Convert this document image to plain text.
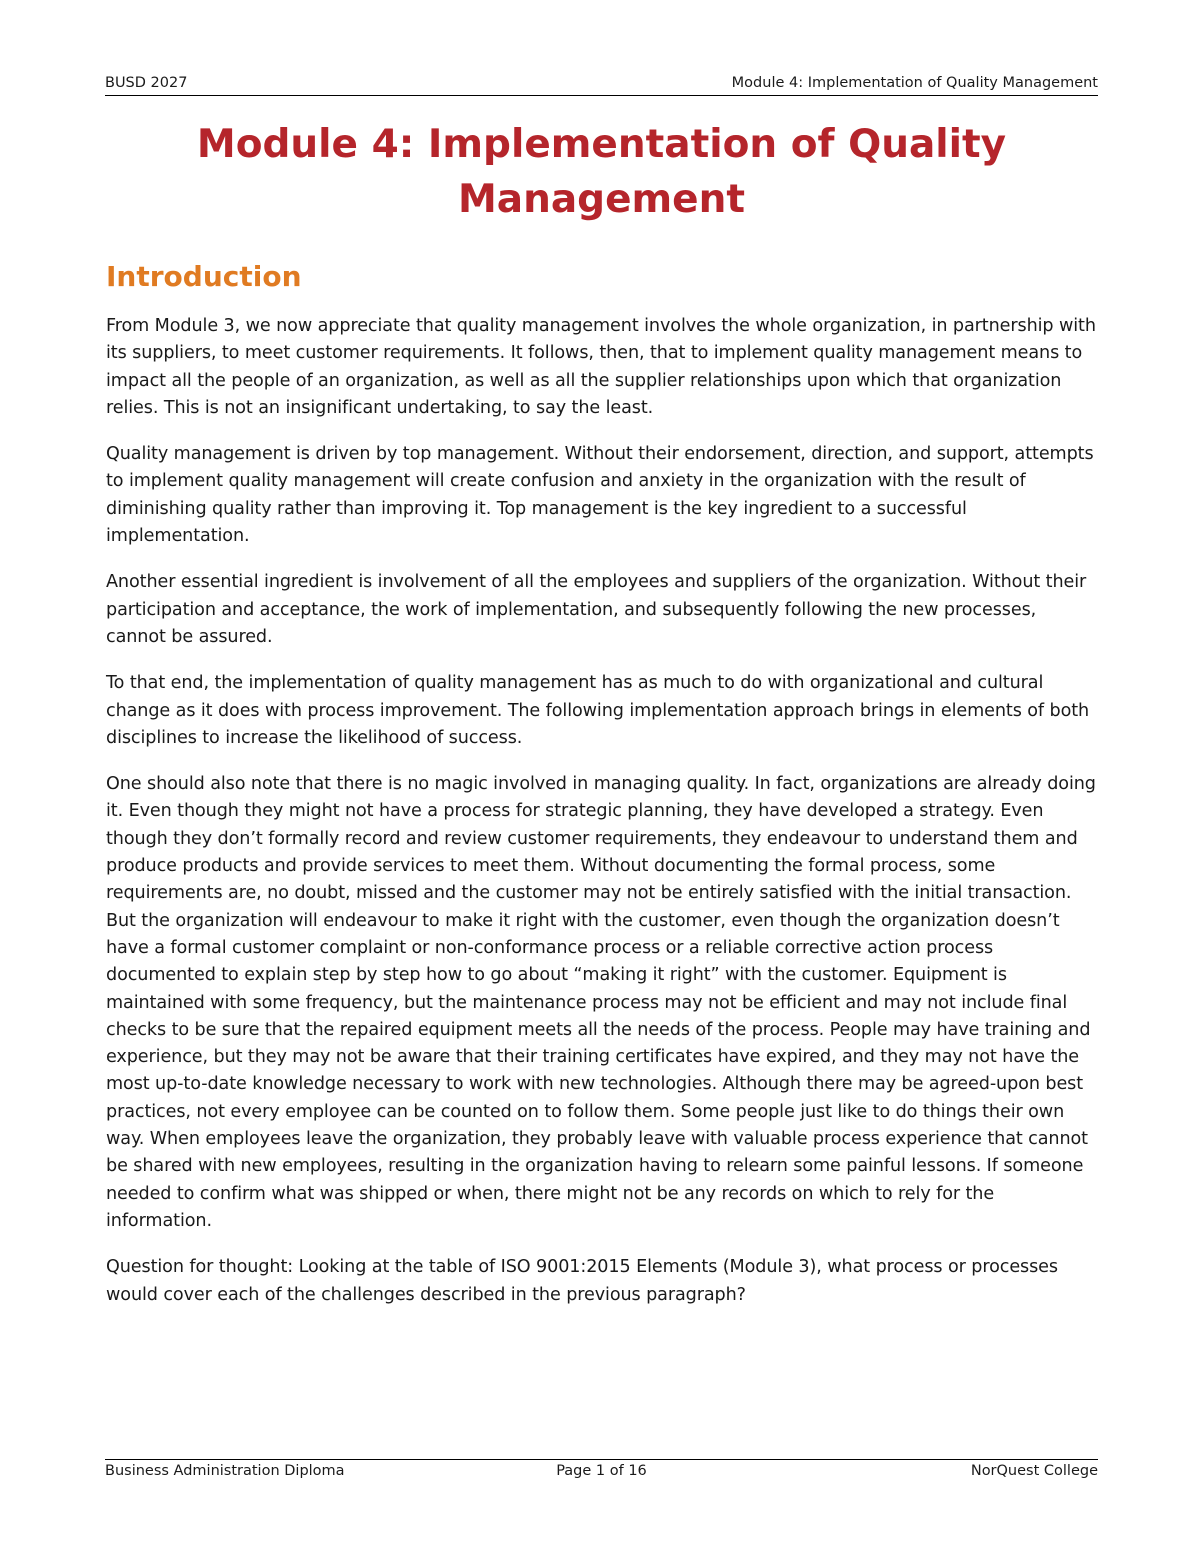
BUSD 2027	Module 4: Implementation of Quality Management
Module 4: Implementation of Quality Management
Introduction

From Module 3, we now appreciate that quality management involves the whole organization, in partnership with its suppliers, to meet customer requirements. It follows, then, that to implement quality management means to impact all the people of an organization, as well as all the supplier relationships upon which that organization relies. This is not an insignificant undertaking, to say the least.

Quality management is driven by top management. Without their endorsement, direction, and support, attempts to implement quality management will create confusion and anxiety in the organization with the result of diminishing quality rather than improving it. Top management is the key ingredient to a successful implementation.

Another essential ingredient is involvement of all the employees and suppliers of the organization. Without their participation and acceptance, the work of implementation, and subsequently following the new processes, cannot be assured.

To that end, the implementation of quality management has as much to do with organizational and cultural change as it does with process improvement. The following implementation approach brings in elements of both disciplines to increase the likelihood of success.

One should also note that there is no magic involved in managing quality. In fact, organizations are already doing it. Even though they might not have a process for strategic planning, they have developed a strategy. Even though they don’t formally record and review customer requirements, they endeavour to understand them and produce products and provide services to meet them. Without documenting the formal process, some requirements are, no doubt, missed and the customer may not be entirely satisfied with the initial transaction. But the organization will endeavour to make it right with the customer, even though the organization doesn’t have a formal customer complaint or non-conformance process or a reliable corrective action process documented to explain step by step how to go about “making it right” with the customer. Equipment is maintained with some frequency, but the maintenance process may not be efficient and may not include final checks to be sure that the repaired equipment meets all the needs of the process. People may have training and experience, but they may not be aware that their training certificates have expired, and they may not have the most up-to-date knowledge necessary to work with new technologies. Although there may be agreed-upon best practices, not every employee can be counted on to follow them. Some people just like to do things their own way. When employees leave the organization, they probably leave with valuable process experience that cannot be shared with new employees, resulting in the organization having to relearn some painful lessons. If someone needed to confirm what was shipped or when, there might not be any records on which to rely for the information.

Question for thought: Looking at the table of ISO 9001:2015 Elements (Module 3), what process or processes would cover each of the challenges described in the previous paragraph?

Business Administration Diploma	Page 1 of 16	NorQuest College
